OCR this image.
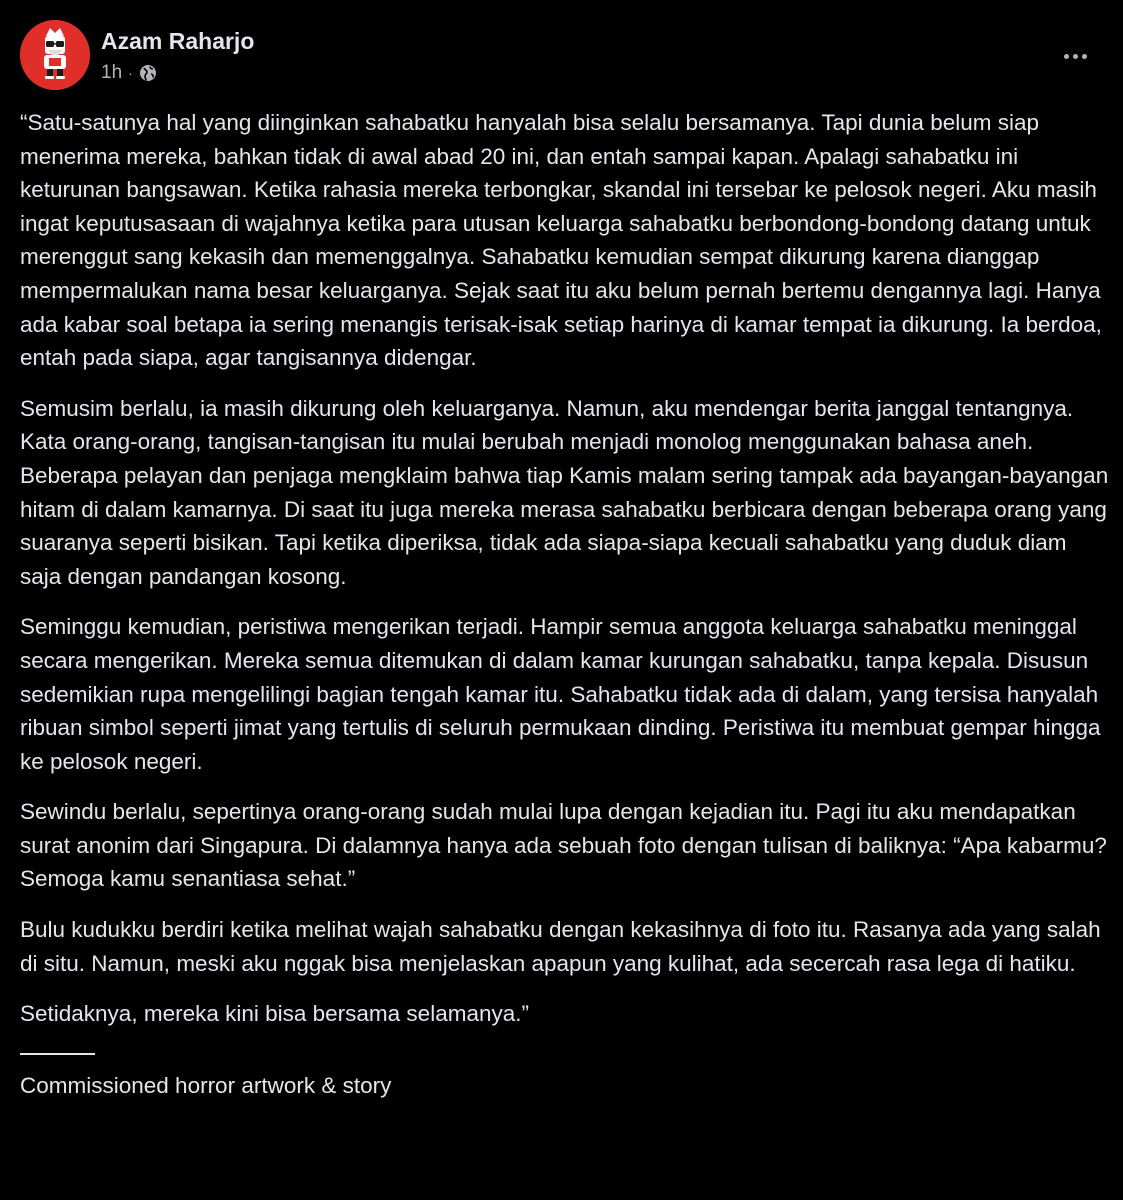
Azam Raharjo
1h ·

“Satu-satunya hal yang diinginkan sahabatku hanyalah bisa selalu bersamanya. Tapi dunia belum siap menerima mereka, bahkan tidak di awal abad 20 ini, dan entah sampai kapan. Apalagi sahabatku ini keturunan bangsawan. Ketika rahasia mereka terbongkar, skandal ini tersebar ke pelosok negeri. Aku masih ingat keputusasaan di wajahnya ketika para utusan keluarga sahabatku berbondong-bondong datang untuk merenggut sang kekasih dan memenggalnya. Sahabatku kemudian sempat dikurung karena dianggap mempermalukan nama besar keluarganya. Sejak saat itu aku belum pernah bertemu dengannya lagi. Hanya ada kabar soal betapa ia sering menangis terisak-isak setiap harinya di kamar tempat ia dikurung. Ia berdoa, entah pada siapa, agar tangisannya didengar.

Semusim berlalu, ia masih dikurung oleh keluarganya. Namun, aku mendengar berita janggal tentangnya. Kata orang-orang, tangisan-tangisan itu mulai berubah menjadi monolog menggunakan bahasa aneh. Beberapa pelayan dan penjaga mengklaim bahwa tiap Kamis malam sering tampak ada bayangan-bayangan hitam di dalam kamarnya. Di saat itu juga mereka merasa sahabatku berbicara dengan beberapa orang yang suaranya seperti bisikan. Tapi ketika diperiksa, tidak ada siapa-siapa kecuali sahabatku yang duduk diam saja dengan pandangan kosong.

Seminggu kemudian, peristiwa mengerikan terjadi. Hampir semua anggota keluarga sahabatku meninggal secara mengerikan. Mereka semua ditemukan di dalam kamar kurungan sahabatku, tanpa kepala. Disusun sedemikian rupa mengelilingi bagian tengah kamar itu. Sahabatku tidak ada di dalam, yang tersisa hanyalah ribuan simbol seperti jimat yang tertulis di seluruh permukaan dinding. Peristiwa itu membuat gempar hingga ke pelosok negeri.

Sewindu berlalu, sepertinya orang-orang sudah mulai lupa dengan kejadian itu. Pagi itu aku mendapatkan surat anonim dari Singapura. Di dalamnya hanya ada sebuah foto dengan tulisan di baliknya: “Apa kabarmu? Semoga kamu senantiasa sehat.”

Bulu kudukku berdiri ketika melihat wajah sahabatku dengan kekasihnya di foto itu. Rasanya ada yang salah di situ. Namun, meski aku nggak bisa menjelaskan apapun yang kulihat, ada secercah rasa lega di hatiku.

Setidaknya, mereka kini bisa bersama selamanya.”

Commissioned horror artwork & story
